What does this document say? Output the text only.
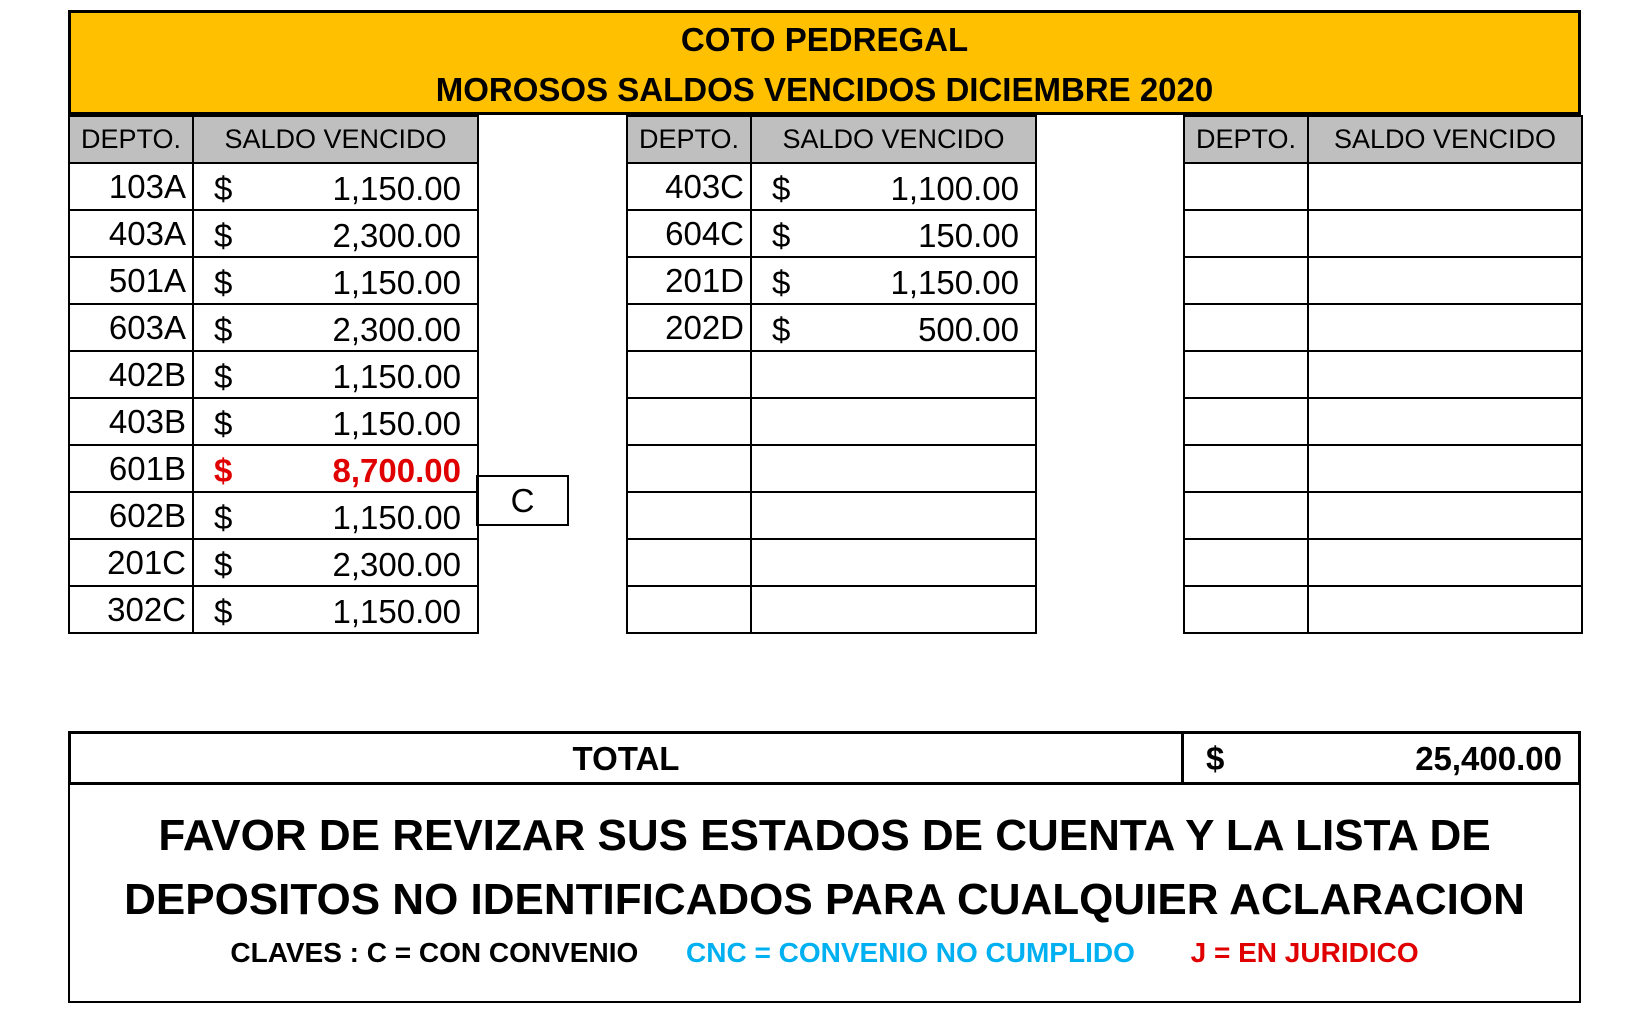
COTO PEDREGAL
MOROSOS SALDOS VENCIDOS DICIEMBRE 2020
DEPTO.	SALDO VENCIDO
103A	$ 1,150.00

403A	$ 2,300.00

501A	$ 1,150.00

603A	$ 2,300.00

402B	$ 1,150.00

403B	$ 1,150.00

601B	$ 8,700.00

602B	$ 1,150.00

201C	$ 2,300.00

302C	$ 1,150.00
C
DEPTO.	SALDO VENCIDO
403C	$ 1,100.00

604C	$ 150.00

201D	$ 1,150.00

202D	$ 500.00

DEPTO.	SALDO VENCIDO

TOTAL	$	25,400.00
FAVOR DE REVIZAR SUS ESTADOS DE CUENTA Y LA LISTA DE
DEPOSITOS NO IDENTIFICADOS PARA CUALQUIER ACLARACION
CLAVES : C = CON CONVENIO CNC = CONVENIO NO CUMPLIDO J = EN JURIDICO
